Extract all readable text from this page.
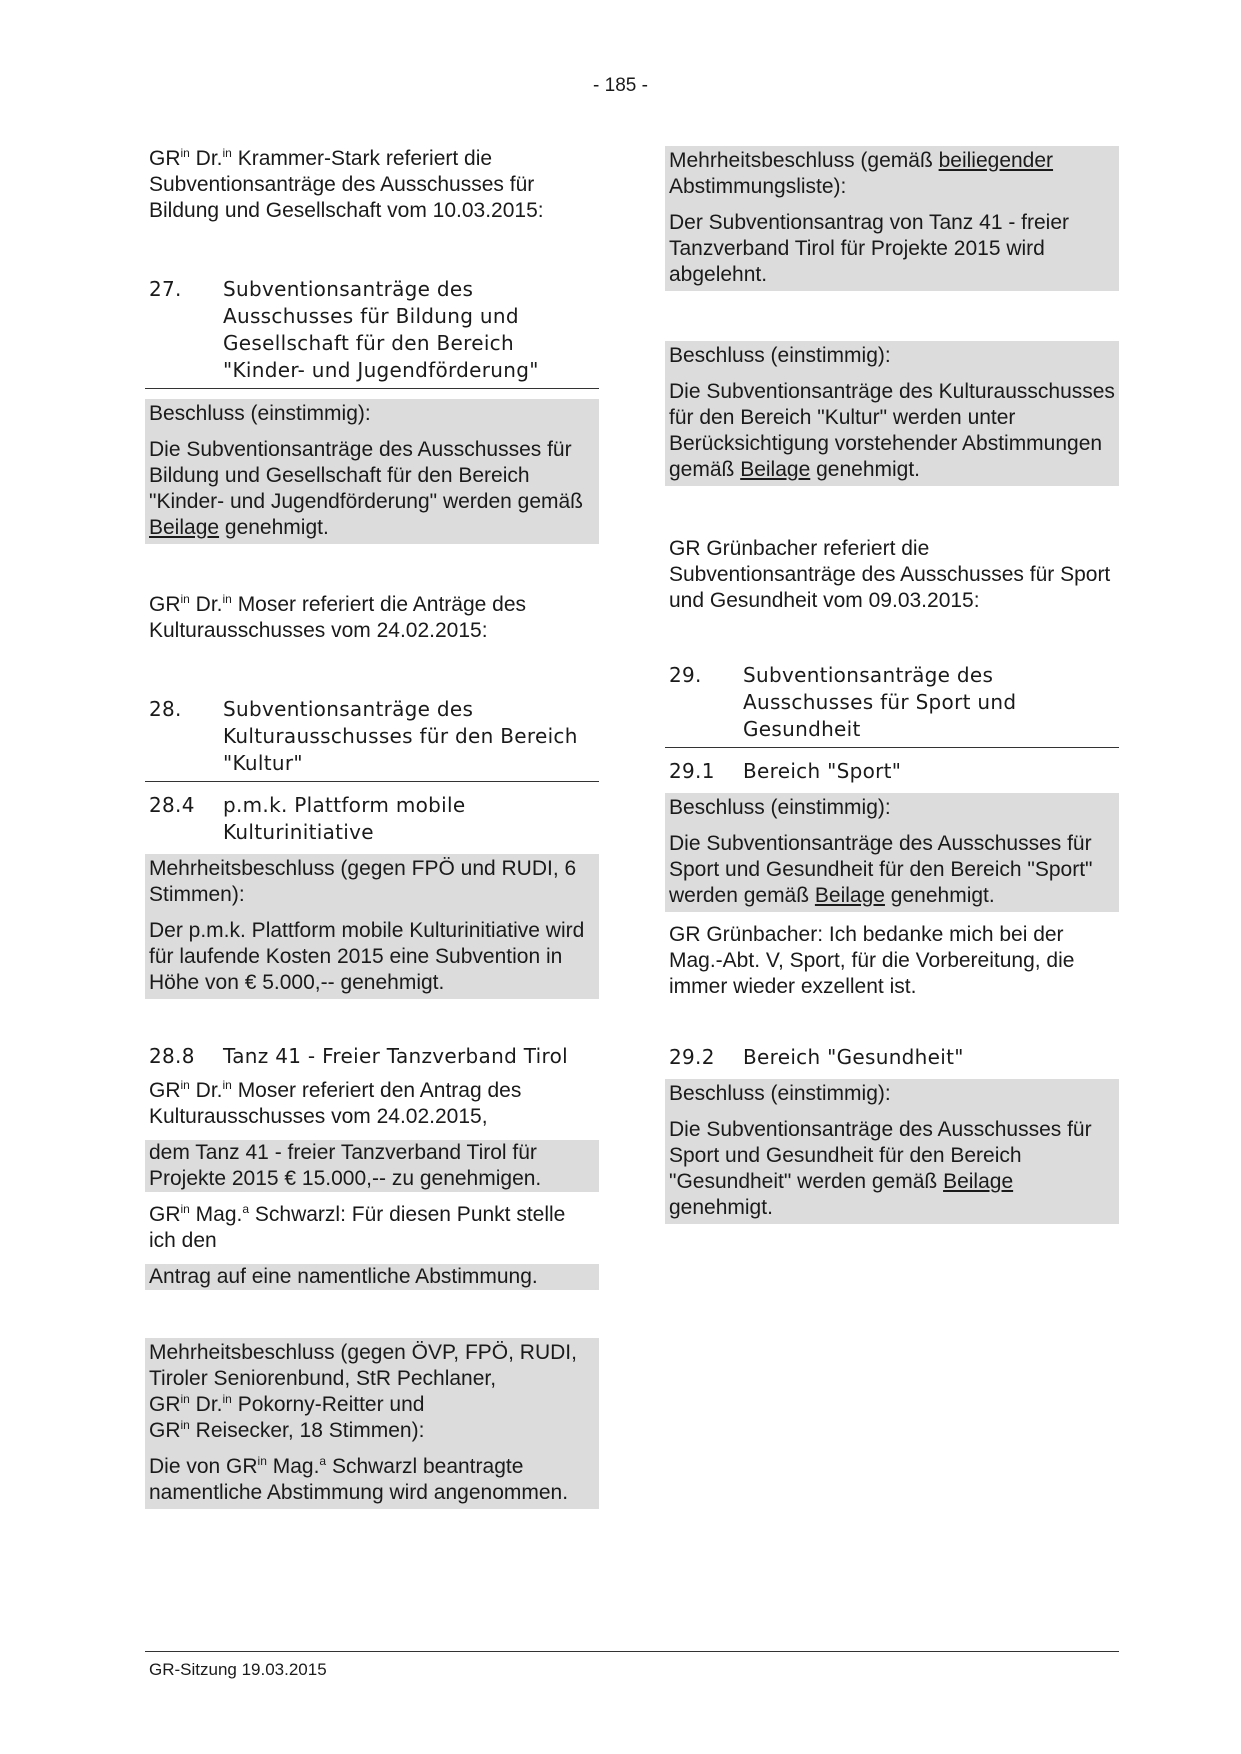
- 185 -

$GR^{in}$ Dr.$^{in}$ Krammer-Stark referiert die Subventionsanträge des Ausschusses für Bildung und Gesellschaft vom 10.03.2015:

27.	Subventionsanträge des Ausschusses für Bildung und Gesellschaft für den Bereich "Kinder- und Jugendförderung"

Beschluss (einstimmig):

Die Subventionsanträge des Ausschusses für Bildung und Gesellschaft für den Bereich "Kinder- und Jugendförderung" werden gemäß Beilage genehmigt.

$GR^{in}$ Dr.$^{in}$ Moser referiert die Anträge des Kulturausschusses vom 24.02.2015:

28.	Subventionsanträge des Kulturausschusses für den Bereich "Kultur"
28.4	p.m.k. Plattform mobile Kulturinitiative

Mehrheitsbeschluss (gegen FPÖ und RUDI, 6 Stimmen):

Der p.m.k. Plattform mobile Kulturinitiative wird für laufende Kosten 2015 eine Subvention in Höhe von € 5.000,-- genehmigt.

28.8	Tanz 41 - Freier Tanzverband Tirol

$GR^{in}$ Dr.$^{in}$ Moser referiert den Antrag des Kulturausschusses vom 24.02.2015,

dem Tanz 41 - freier Tanzverband Tirol für Projekte 2015 € 15.000,-- zu genehmigen.

$GR^{in}$ Mag.$^a$ Schwarzl: Für diesen Punkt stelle ich den

Antrag auf eine namentliche Abstimmung.

Mehrheitsbeschluss (gegen ÖVP, FPÖ, RUDI, Tiroler Seniorenbund, StR Pechlaner,
$GR^{in}$ Dr.$^{in}$ Pokorny-Reitter und
$GR^{in}$ Reisecker, 18 Stimmen):

Die von $GR^{in}$ Mag.$^a$ Schwarzl beantragte namentliche Abstimmung wird angenommen.

Mehrheitsbeschluss (gemäß beiliegender Abstimmungsliste):

Der Subventionsantrag von Tanz 41 - freier Tanzverband Tirol für Projekte 2015 wird abgelehnt.

Beschluss (einstimmig):

Die Subventionsanträge des Kulturausschusses für den Bereich "Kultur" werden unter Berücksichtigung vorstehender Abstimmungen gemäß Beilage genehmigt.

GR Grünbacher referiert die Subventionsanträge des Ausschusses für Sport und Gesundheit vom 09.03.2015:

29.	Subventionsanträge des Ausschusses für Sport und Gesundheit
29.1	Bereich "Sport"

Beschluss (einstimmig):

Die Subventionsanträge des Ausschusses für Sport und Gesundheit für den Bereich "Sport" werden gemäß Beilage genehmigt.

GR Grünbacher: Ich bedanke mich bei der Mag.-Abt. V, Sport, für die Vorbereitung, die immer wieder exzellent ist.

29.2	Bereich "Gesundheit"

Beschluss (einstimmig):

Die Subventionsanträge des Ausschusses für Sport und Gesundheit für den Bereich "Gesundheit" werden gemäß Beilage genehmigt.

GR-Sitzung 19.03.2015
